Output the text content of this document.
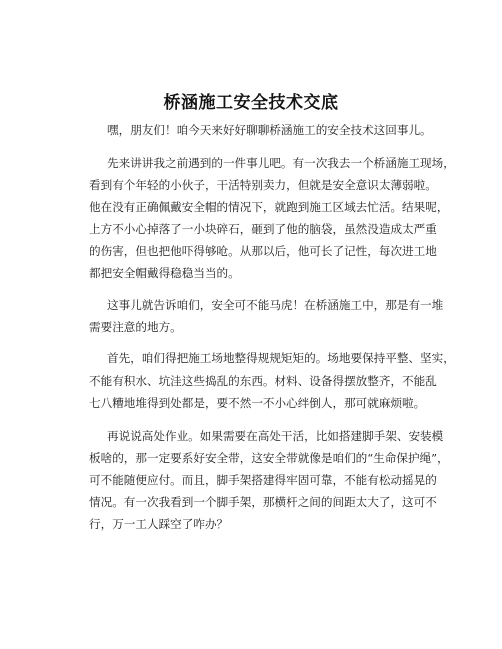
桥涵施工安全技术交底
嘿，朋友们！咱今天来好好聊聊桥涵施工的安全技术这回事儿。
先来讲讲我之前遇到的一件事儿吧。有一次我去一个桥涵施工现场，
看到有个年轻的小伙子，干活特别卖力，但就是安全意识太薄弱啦。
他在没有正确佩戴安全帽的情况下，就跑到施工区域去忙活。结果呢，
上方不小心掉落了一小块碎石，砸到了他的脑袋，虽然没造成太严重
的伤害，但也把他吓得够呛。从那以后，他可长了记性，每次进工地
都把安全帽戴得稳稳当当的。
这事儿就告诉咱们，安全可不能马虎！在桥涵施工中，那是有一堆
需要注意的地方。
首先，咱们得把施工场地整得规规矩矩的。场地要保持平整、坚实，
不能有积水、坑洼这些捣乱的东西。材料、设备得摆放整齐，不能乱
七八糟地堆得到处都是，要不然一不小心绊倒人，那可就麻烦啦。
再说说高处作业。如果需要在高处干活，比如搭建脚手架、安装模
板啥的，那一定要系好安全带，这安全带就像是咱们的“生命保护绳”，
可不能随便应付。而且，脚手架搭建得牢固可靠，不能有松动摇晃的
情况。有一次我看到一个脚手架，那横杆之间的间距太大了，这可不
行，万一工人踩空了咋办？
